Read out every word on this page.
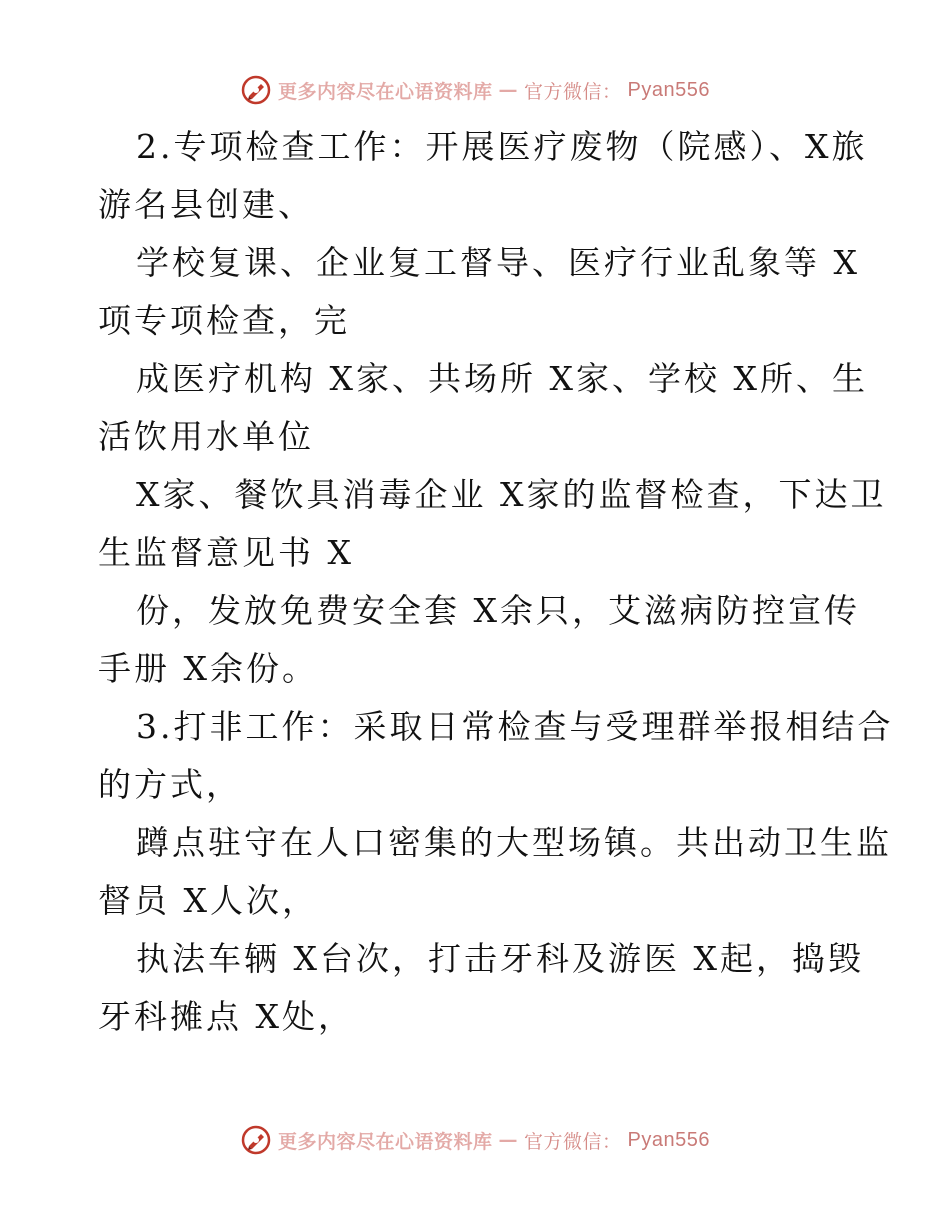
更多内容尽在心语资料库 — 官方微信： Pyan556
2.专项检查工作：开展医疗废物（院感）、X旅
游名县创建、
学校复课、企业复工督导、医疗行业乱象等 X
项专项检查，完
成医疗机构 X家、共场所 X家、学校 X所、生
活饮用水单位
X家、餐饮具消毒企业 X家的监督检查，下达卫
生监督意见书 X
份，发放免费安全套 X余只，艾滋病防控宣传
手册 X余份。
3.打非工作：采取日常检查与受理群举报相结合
的方式，
蹲点驻守在人口密集的大型场镇。共出动卫生监
督员 X人次，
执法车辆 X台次，打击牙科及游医 X起，捣毁
牙科摊点 X处，
更多内容尽在心语资料库 — 官方微信： Pyan556
